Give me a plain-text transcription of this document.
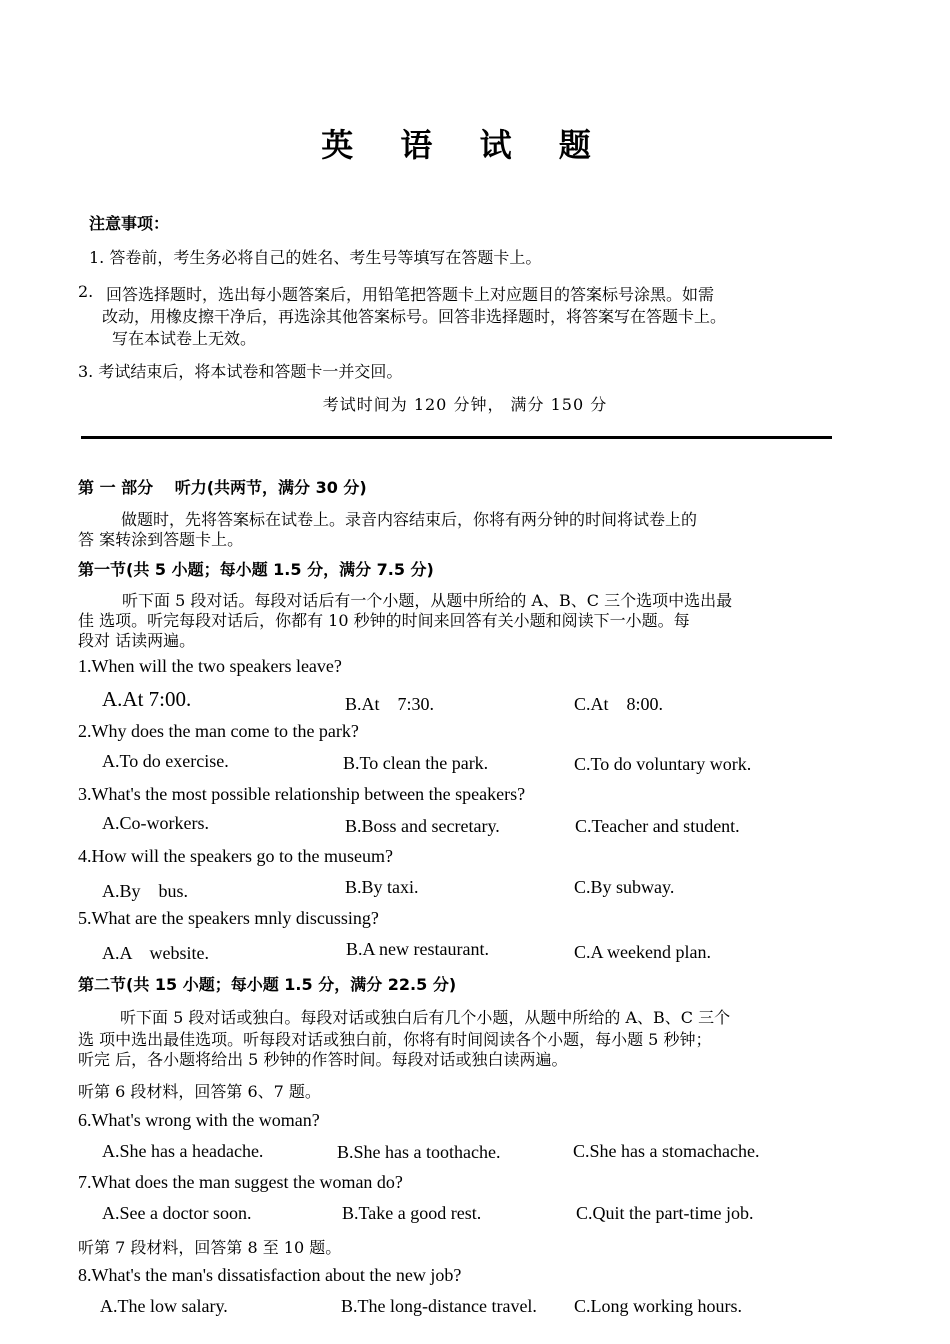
英 语 试 题
注意事项：
1. 答卷前，考生务必将自己的姓名、考生号等填写在答题卡上。
2. 回答选择题时，选出每小题答案后，用铅笔把答题卡上对应题目的答案标号涂黑。如需
改动，用橡皮擦干净后，再选涂其他答案标号。回答非选择题时，将答案写在答题卡上。
写在本试卷上无效。
3. 考试结束后，将本试卷和答题卡一并交回。
考试时间为 120 分钟， 满分 150 分
第 一 部分　 听力(共两节，满分 30 分)
做题时，先将答案标在试卷上。录音内容结束后，你将有两分钟的时间将试卷上的
答 案转涂到答题卡上。
第一节(共 5 小题；每小题 1.5 分，满分 7.5 分)
听下面 5 段对话。每段对话后有一个小题，从题中所给的 A、B、C 三个选项中选出最
佳 选项。听完每段对话后，你都有 10 秒钟的时间来回答有关小题和阅读下一小题。每
段对 话读两遍。
1.When will the two speakers leave?
A.At 7:00.	B.At　7:30.	C.At　8:00.
2.Why does the man come to the park?
A.To do exercise.	B.To clean the park.	C.To do voluntary work.
3.What's the most possible relationship between the speakers?
A.Co-workers.	B.Boss and secretary.	C.Teacher and student.
4.How will the speakers go to the museum?
A.By　bus.	B.By taxi.	C.By subway.
5.What are the speakers mnly discussing?
A.A　website.	B.A new restaurant.	C.A weekend plan.
第二节(共 15 小题；每小题 1.5 分，满分 22.5 分)
听下面 5 段对话或独白。每段对话或独白后有几个小题，从题中所给的 A、B、C 三个
选 项中选出最佳选项。听每段对话或独白前，你将有时间阅读各个小题，每小题 5 秒钟；
听完 后，各小题将给出 5 秒钟的作答时间。每段对话或独白读两遍。
听第 6 段材料，回答第 6、7 题。
6.What's wrong with the woman?
A.She has a headache.	B.She has a toothache.	C.She has a stomachache.
7.What does the man suggest the woman do?
A.See a doctor soon.	B.Take a good rest.	C.Quit the part-time job.
听第 7 段材料，回答第 8 至 10 题。
8.What's the man's dissatisfaction about the new job?
A.The low salary.	B.The long-distance travel. C.Long working hours.
